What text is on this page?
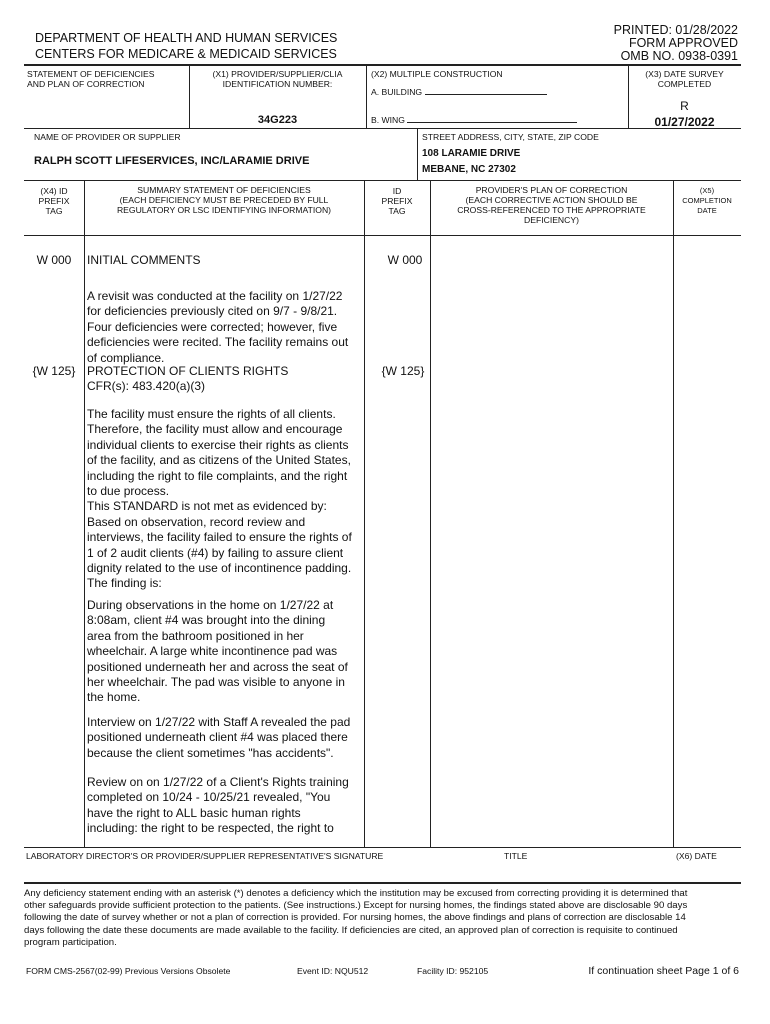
DEPARTMENT OF HEALTH AND HUMAN SERVICES
CENTERS FOR MEDICARE & MEDICAID SERVICES
PRINTED: 01/28/2022
FORM APPROVED
OMB NO. 0938-0391
STATEMENT OF DEFICIENCIES
AND PLAN OF CORRECTION
(X1) PROVIDER/SUPPLIER/CLIA
IDENTIFICATION NUMBER:
34G223
(X2) MULTIPLE CONSTRUCTION
A. BUILDING
B. WING
(X3) DATE SURVEY
COMPLETED
R
01/27/2022
NAME OF PROVIDER OR SUPPLIER
RALPH SCOTT LIFESERVICES, INC/LARAMIE DRIVE
STREET ADDRESS, CITY, STATE, ZIP CODE
108 LARAMIE DRIVE
MEBANE, NC 27302
(X4) ID
PREFIX
TAG
SUMMARY STATEMENT OF DEFICIENCIES
(EACH DEFICIENCY MUST BE PRECEDED BY FULL
REGULATORY OR LSC IDENTIFYING INFORMATION)
ID
PREFIX
TAG
PROVIDER'S PLAN OF CORRECTION
(EACH CORRECTIVE ACTION SHOULD BE
CROSS-REFERENCED TO THE APPROPRIATE
DEFICIENCY)
(X5)
COMPLETION
DATE
W 000	W 000
INITIAL COMMENTS
A revisit was conducted at the facility on 1/27/22
for deficiencies previously cited on 9/7 - 9/8/21.
Four deficiencies were corrected; however, five
deficiencies were recited. The facility remains out
of compliance.
{W 125}	{W 125}
PROTECTION OF CLIENTS RIGHTS
CFR(s): 483.420(a)(3)
The facility must ensure the rights of all clients.
Therefore, the facility must allow and encourage
individual clients to exercise their rights as clients
of the facility, and as citizens of the United States,
including the right to file complaints, and the right
to due process.
This STANDARD is not met as evidenced by:
Based on observation, record review and
interviews, the facility failed to ensure the rights of
1 of 2 audit clients (#4) by failing to assure client
dignity related to the use of incontinence padding.
The finding is:
During observations in the home on 1/27/22 at
8:08am, client #4 was brought into the dining
area from the bathroom positioned in her
wheelchair. A large white incontinence pad was
positioned underneath her and across the seat of
her wheelchair. The pad was visible to anyone in
the home.
Interview on 1/27/22 with Staff A revealed the pad
positioned underneath client #4 was placed there
because the client sometimes "has accidents".
Review on on 1/27/22 of a Client's Rights training
completed on 10/24 - 10/25/21 revealed, "You
have the right to ALL basic human rights
including: the right to be respected, the right to
LABORATORY DIRECTOR'S OR PROVIDER/SUPPLIER REPRESENTATIVE'S SIGNATURE	TITLE	(X6) DATE
Any deficiency statement ending with an asterisk (*) denotes a deficiency which the institution may be excused from correcting providing it is determined that
other safeguards provide sufficient protection to the patients. (See instructions.) Except for nursing homes, the findings stated above are disclosable 90 days
following the date of survey whether or not a plan of correction is provided. For nursing homes, the above findings and plans of correction are disclosable 14
days following the date these documents are made available to the facility. If deficiencies are cited, an approved plan of correction is requisite to continued
program participation.
FORM CMS-2567(02-99) Previous Versions Obsolete	Event ID: NQU512	Facility ID: 952105	If continuation sheet Page 1 of 6
